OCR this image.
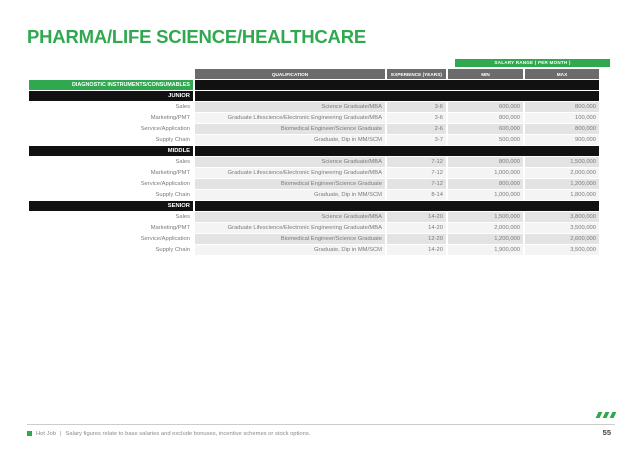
PHARMA/LIFE SCIENCE/HEALTHCARE
SALARY RANGE ( PER MONTH )
	QUALIFICATION	EXPERIENCE (YEARS)	MIN	MAX
DIAGNOSTIC INSTRUMENTS/CONSUMABLES				
JUNIOR				
Sales	Science Graduate/MBA	3-6	600,000	800,000
Marketing/PMT	Graduate Lifescience/Electronic Engineering Graduate/MBA	3-6	800,000	100,000
Service/Application	Biomedical Engineer/Science Graduate	2-6	600,000	800,000
Supply Chain	Graduate, Dip in MM/SCM	3-7	500,000	900,000
MIDDLE				
Sales	Science Graduate/MBA	7-12	800,000	1,500,000
Marketing/PMT	Graduate Lifescience/Electronic Engineering Graduate/MBA	7-12	1,000,000	2,000,000
Service/Application	Biomedical Engineer/Science Graduate	7-12	800,000	1,200,000
Supply Chain	Graduate, Dip in MM/SCM	8-14	1,000,000	1,800,000
SENIOR				
Sales	Science Graduate/MBA	14-20	1,500,000	3,800,000
Marketing/PMT	Graduate Lifescience/Electronic Engineering Graduate/MBA	14-20	2,000,000	3,500,000
Service/Application	Biomedical Engineer/Science Graduate	12-20	1,200,000	2,600,000
Supply Chain	Graduate, Dip in MM/SCM	14-20	1,900,000	3,500,000
Hot Job | Salary figures relate to base salaries and exclude bonuses, incentive schemes or stock options.	55
